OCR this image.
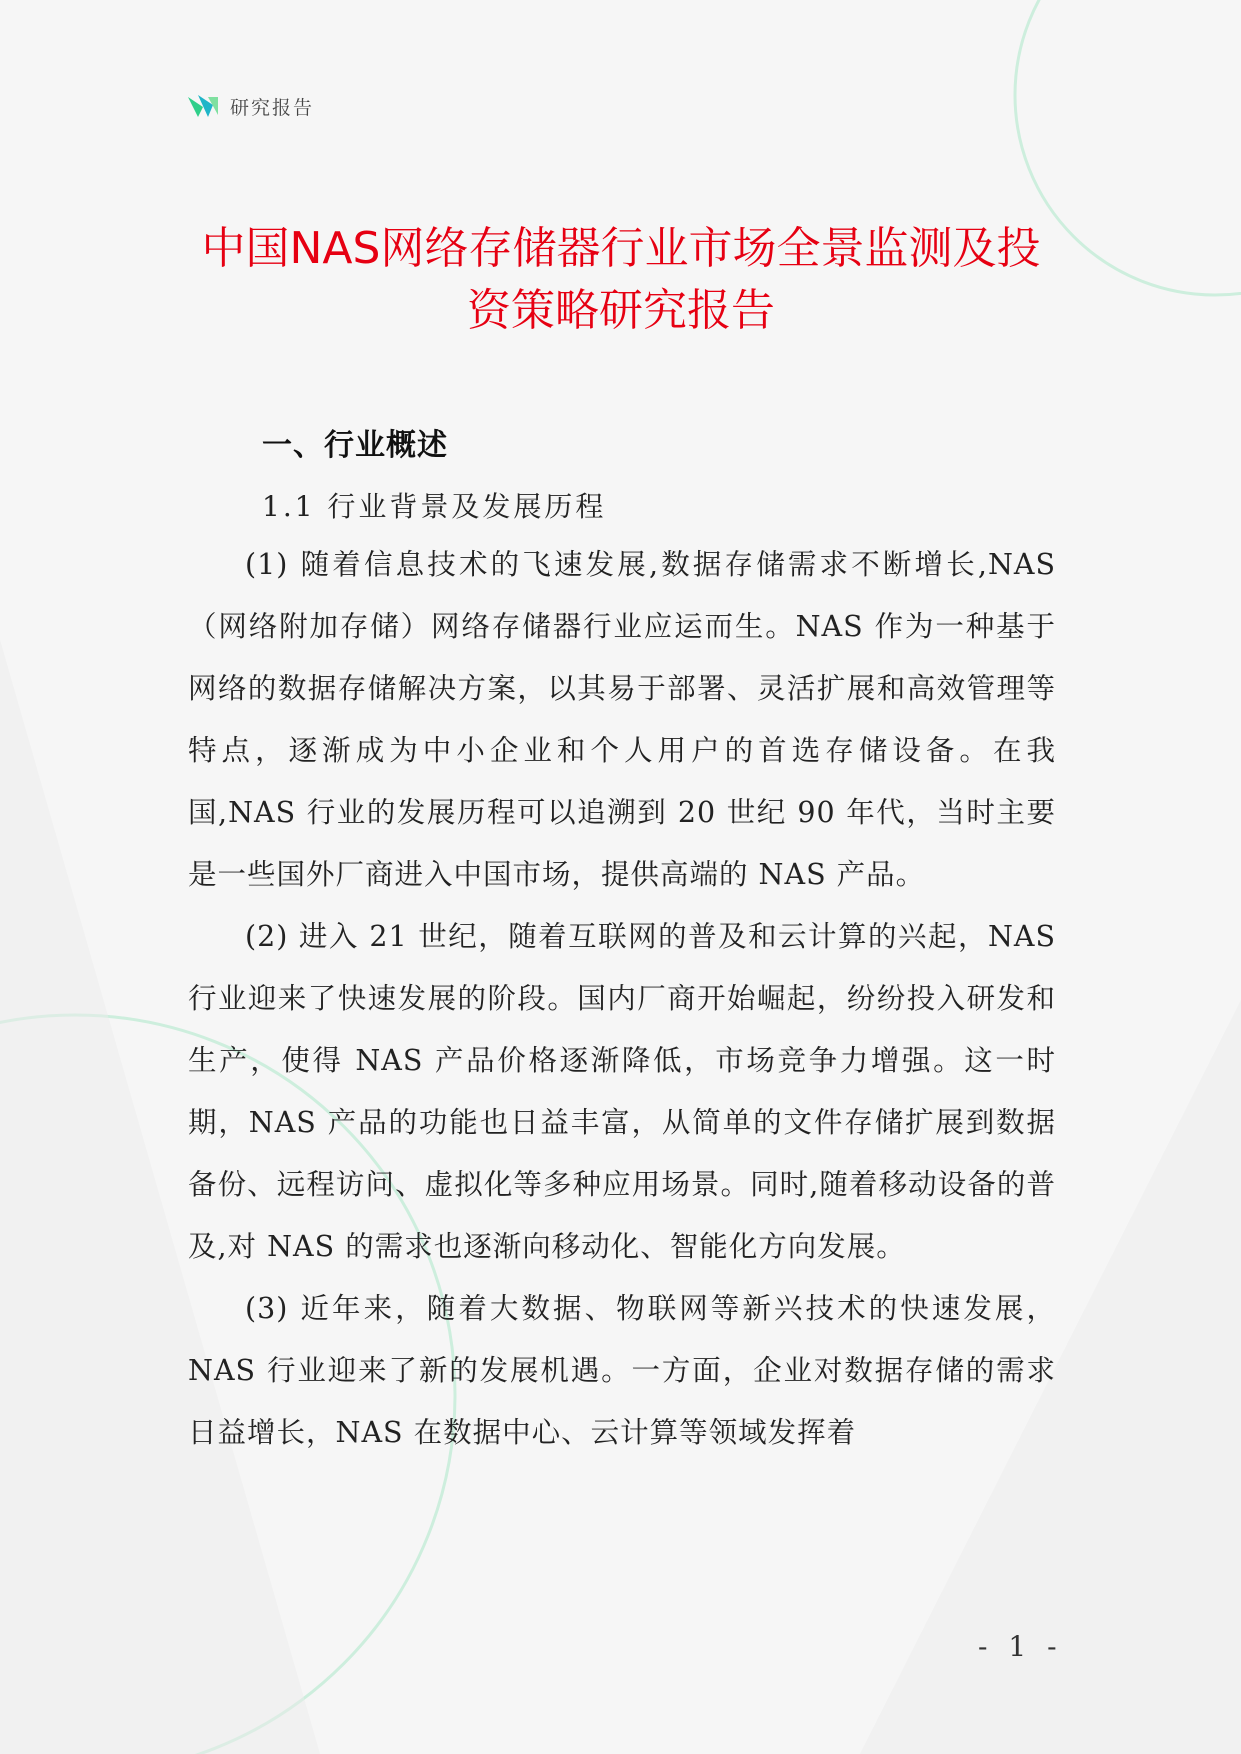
研究报告
中国NAS网络存储器行业市场全景监测及投资策略研究报告
一、行业概述
1.1 行业背景及发展历程

(1) 随着信息技术的飞速发展,数据存储需求不断增长,NAS（网络附加存储）网络存储器行业应运而生。NAS 作为一种基于网络的数据存储解决方案，以其易于部署、灵活扩展和高效管理等特点，逐渐成为中小企业和个人用户的首选存储设备。在我国,NAS 行业的发展历程可以追溯到 20 世纪 90 年代，当时主要是一些国外厂商进入中国市场，提供高端的 NAS 产品。

(2) 进入 21 世纪，随着互联网的普及和云计算的兴起，NAS 行业迎来了快速发展的阶段。国内厂商开始崛起，纷纷投入研发和生产，使得 NAS 产品价格逐渐降低，市场竞争力增强。这一时期，NAS 产品的功能也日益丰富，从简单的文件存储扩展到数据备份、远程访问、虚拟化等多种应用场景。同时,随着移动设备的普及,对 NAS 的需求也逐渐向移动化、智能化方向发展。

(3) 近年来，随着大数据、物联网等新兴技术的快速发展，NAS 行业迎来了新的发展机遇。一方面，企业对数据存储的需求日益增长，NAS 在数据中心、云计算等领域发挥着

- 1 -
